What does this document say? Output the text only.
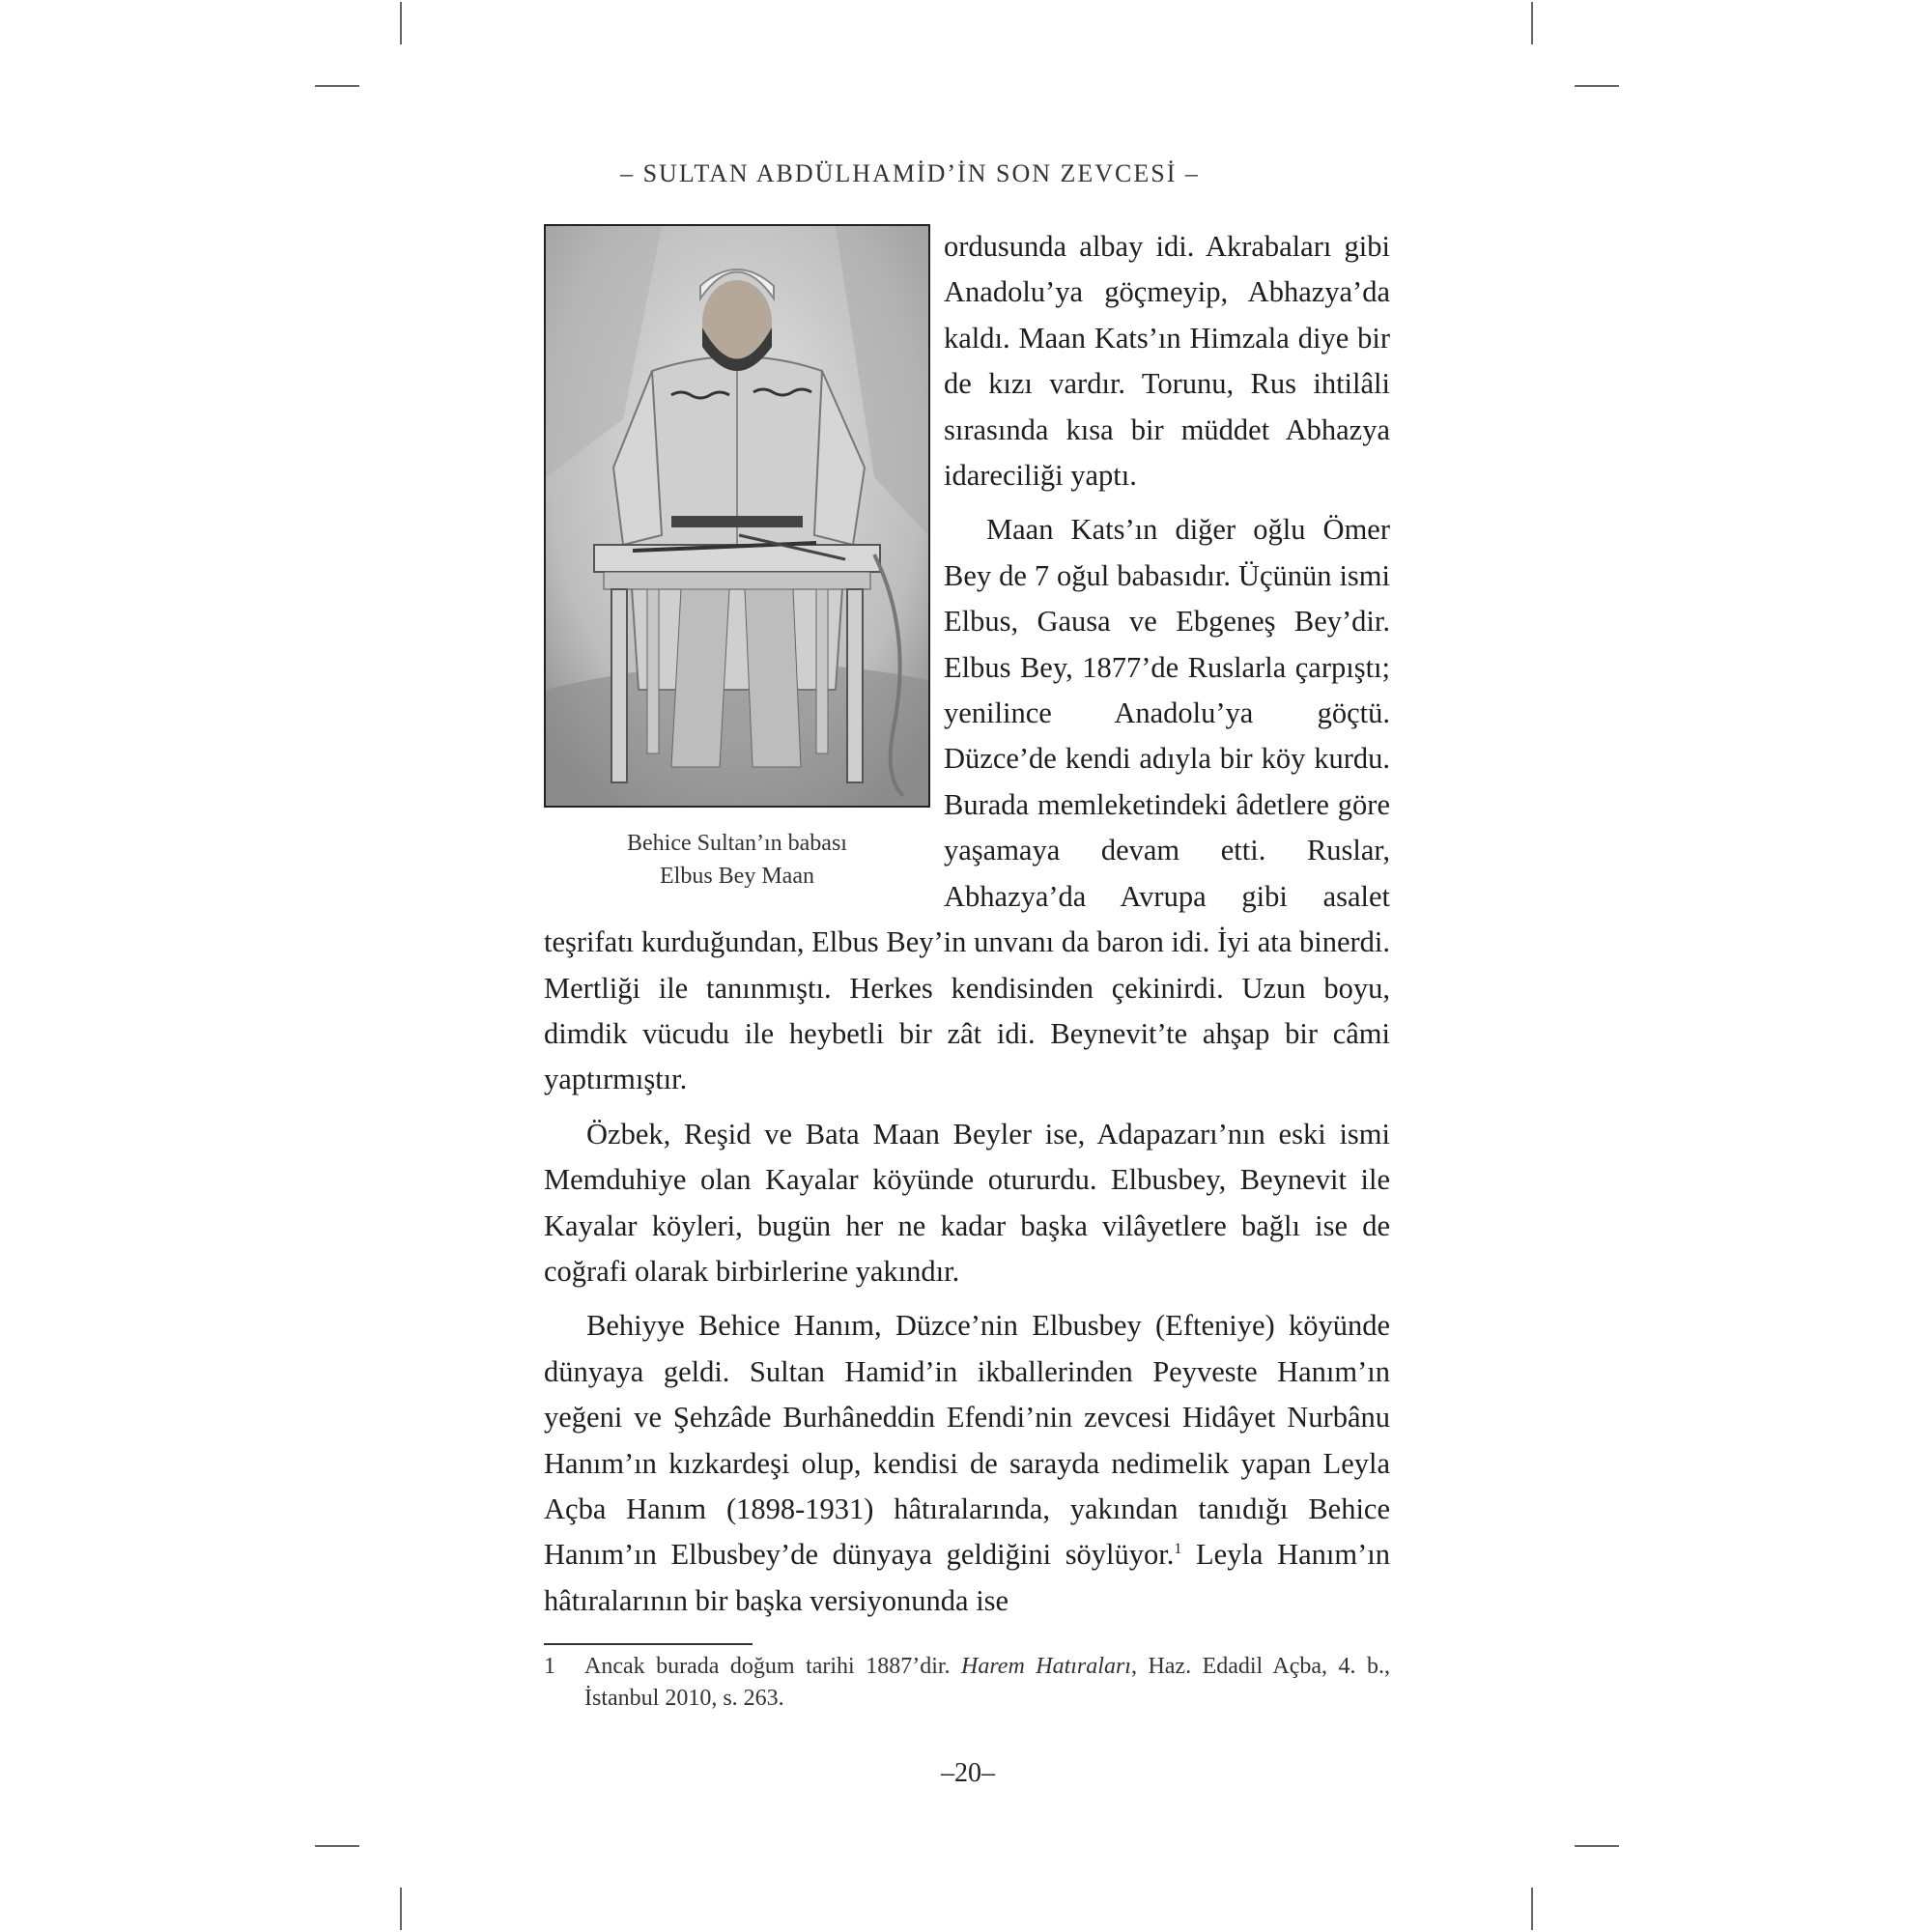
– SULTAN ABDÜLHAMİD’İN SON ZEVCESİ –
Behice Sultan’ın babası
Elbus Bey Maan

ordusunda albay idi. Akrabaları gibi Anadolu’ya göçmeyip, Abhazya’da kaldı. Maan Kats’ın Himzala diye bir de kızı vardır. Torunu, Rus ihtilâli sırasında kısa bir müddet Abhazya idareciliği yaptı.

Maan Kats’ın diğer oğlu Ömer Bey de 7 oğul babasıdır. Üçünün ismi Elbus, Gausa ve Ebgeneş Bey’dir. Elbus Bey, 1877’de Ruslarla çarpıştı; yenilince Anadolu’ya göçtü. Düzce’de kendi adıyla bir köy kurdu. Burada memleketindeki âdetlere göre yaşamaya devam etti. Ruslar, Abhazya’da Avrupa gibi asalet teşrifatı kurduğundan, Elbus Bey’in unvanı da baron idi. İyi ata binerdi. Mertliği ile tanınmıştı. Herkes kendisinden çekinirdi. Uzun boyu, dimdik vücudu ile heybetli bir zât idi. Beynevit’te ahşap bir câmi yaptırmıştır.

Özbek, Reşid ve Bata Maan Beyler ise, Adapazarı’nın eski ismi Memduhiye olan Kayalar köyünde otururdu. Elbusbey, Beynevit ile Kayalar köyleri, bugün her ne kadar başka vilâyetlere bağlı ise de coğrafi olarak birbirlerine yakındır.

Behiyye Behice Hanım, Düzce’nin Elbusbey (Efteniye) köyünde dünyaya geldi. Sultan Hamid’in ikballerinden Peyveste Hanım’ın yeğeni ve Şehzâde Burhâneddin Efendi’nin zevcesi Hidâyet Nurbânu Hanım’ın kızkardeşi olup, kendisi de sarayda nedimelik yapan Leyla Açba Hanım (1898-1931) hâtıralarında, yakından tanıdığı Behice Hanım’ın Elbusbey’de dünyaya geldiğini söylüyor.$^1$ Leyla Hanım’ın hâtıralarının bir başka versiyonunda ise

1 Ancak burada doğum tarihi 1887’dir. Harem Hatıraları, Haz. Edadil Açba, 4. b., İstanbul 2010, s. 263.
–20–
